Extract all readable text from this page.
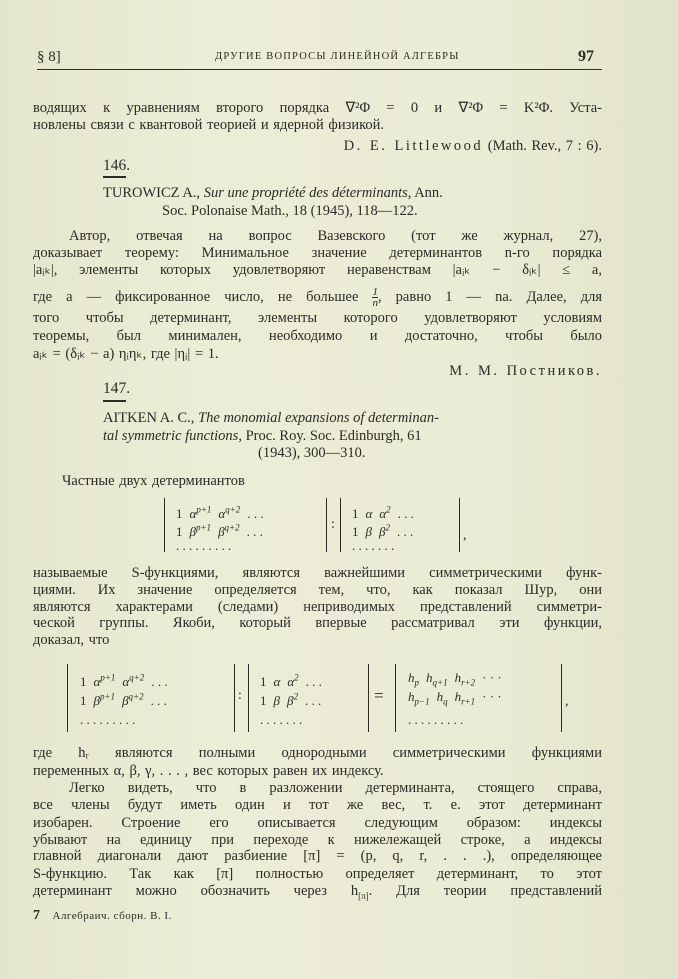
§ 8]	ДРУГИЕ ВОПРОСЫ ЛИНЕЙНОЙ АЛГЕБРЫ	97
водящих к уравнениям второго порядка ∇²Φ = 0 и ∇²Φ = K²Φ. Уста-
новлены связи с квантовой теорией и ядерной физикой.
D. E. Littlewood (Math. Rev., 7 : 6).
146.
TUROWICZ A., Sur une propriété des déterminants, Ann.
Soc. Polonaise Math., 18 (1945), 118—122.
Автор, отвечая на вопрос Вазевского (тот же журнал, 27),
доказывает теорему: Минимальное значение детерминантов n-го порядка
|aᵢₖ|, элементы которых удовлетворяют неравенствам |aᵢₖ − δᵢₖ| ≤ a,
где a — фиксированное число, не большее $\frac{1}{n}$ , равно 1 — na. Далее, для
того чтобы детерминант, элементы которого удовлетворяют условиям
теоремы, был минимален, необходимо и достаточно, чтобы было
aᵢₖ = (δᵢₖ − a) ηᵢηₖ, где |ηᵢ| = 1.
М. М. Постников.
147.
AITKEN A. C., The monomial expansions of determinan-
tal symmetric functions, Proc. Roy. Soc. Edinburgh, 61
(1943), 300—310.
Частные двух детерминантов
1 $\alpha^{p+1}$ $\alpha^{q+2}$ . . .
1 $\beta^{p+1}$ $\beta^{q+2}$ . . .
. . . . . . . . .
:
1 α $\alpha^2$ . . .
1 β $\beta^2$ . . .
. . . . . . .
,
называемые S-функциями, являются важнейшими симметрическими функ-
циями. Их значение определяется тем, что, как показал Шур, они
являются характерами (следами) неприводимых представлений симметри-
ческой группы. Якоби, который впервые рассматривал эти функции,
доказал, что
1 $\alpha^{p+1}$ $\alpha^{q+2}$ . . .
1 $\beta^{p+1}$ $\beta^{q+2}$ . . .
. . . . . . . . .
:
1 α $\alpha^2$ . . .
1 β $\beta^2$ . . .
. . . . . . .
=
$h_p$ $h_{q+1}$ $h_{r+2}$ · · ·
$h_{p-1}$ $h_q$ $h_{r+1}$ · · ·
. . . . . . . . .
,
где hᵣ являются полными однородными симметрическими функциями
переменных α, β, γ, . . . , вес которых равен их индексу.
Легко видеть, что в разложении детерминанта, стоящего справа,
все члены будут иметь один и тот же вес, т. е. этот детерминант
изобарен. Строение его описывается следующим образом: индексы
убывают на единицу при переходе к нижележащей строке, а индексы
главной диагонали дают разбиение [π] = (p, q, r, . . .), определяющее
S-функцию. Так как [π] полностью определяет детерминант, то этот
детерминант можно обозначить через $h_{[\pi]}$. Для теории представлений
7 Алгебраич. сборн. В. I.
